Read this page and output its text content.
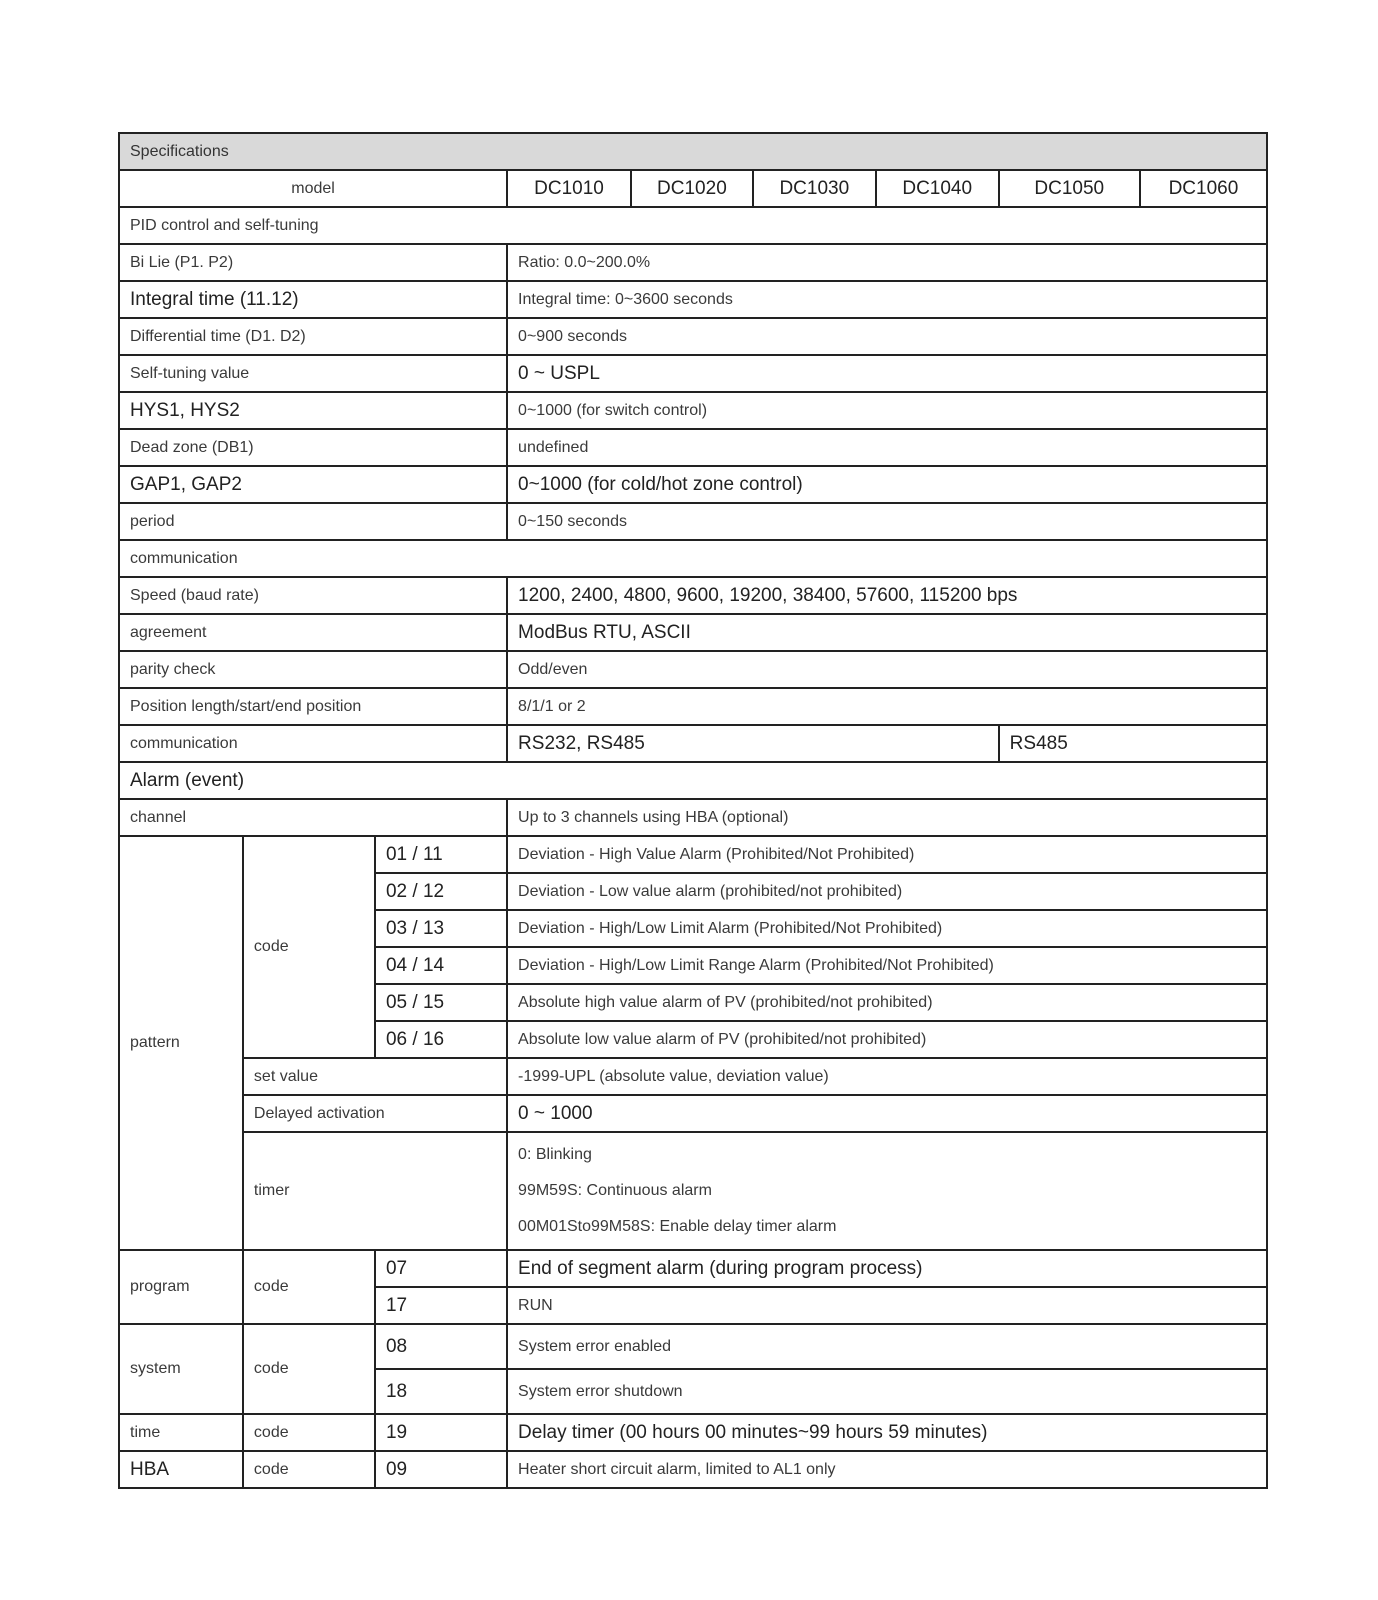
Specifications								
model			DC1010	DC1020	DC1030	DC1040	DC1050	DC1060
PID control and self-tuning								
Bi Lie (P1. P2)			Ratio: 0.0~200.0%					
Integral time (11.12)			Integral time: 0~3600 seconds					
Differential time (D1. D2)			0~900 seconds					
Self-tuning value			0 ~ USPL					
HYS1, HYS2			0~1000 (for switch control)					
Dead zone (DB1)			undefined					
GAP1, GAP2			0~1000 (for cold/hot zone control)					
period			0~150 seconds					
communication								
Speed (baud rate)			1200, 2400, 4800, 9600, 19200, 38400, 57600, 115200 bps					
agreement			ModBus RTU, ASCII					
parity check			Odd/even					
Position length/start/end position			8/1/1 or 2					
communication			RS232, RS485				RS485	
Alarm (event)								
channel			Up to 3 channels using HBA (optional)					
pattern	code	01 / 11	Deviation - High Value Alarm (Prohibited/Not Prohibited)					
		02 / 12	Deviation - Low value alarm (prohibited/not prohibited)					
		03 / 13	Deviation - High/Low Limit Alarm (Prohibited/Not Prohibited)					
		04 / 14	Deviation - High/Low Limit Range Alarm (Prohibited/Not Prohibited)					
		05 / 15	Absolute high value alarm of PV (prohibited/not prohibited)					
		06 / 16	Absolute low value alarm of PV (prohibited/not prohibited)					
	set value		-1999-UPL (absolute value, deviation value)					
	Delayed activation		0 ~ 1000					
	timer		0: Blinking
99M59S: Continuous alarm
00M01Sto99M58S: Enable delay timer alarm					

program	code	07	End of segment alarm (during program process)					
		17	RUN					
system	code	08	System error enabled					
		18	System error shutdown					
time	code	19	Delay timer (00 hours 00 minutes~99 hours 59 minutes)					
HBA	code	09	Heater short circuit alarm, limited to AL1 only					
